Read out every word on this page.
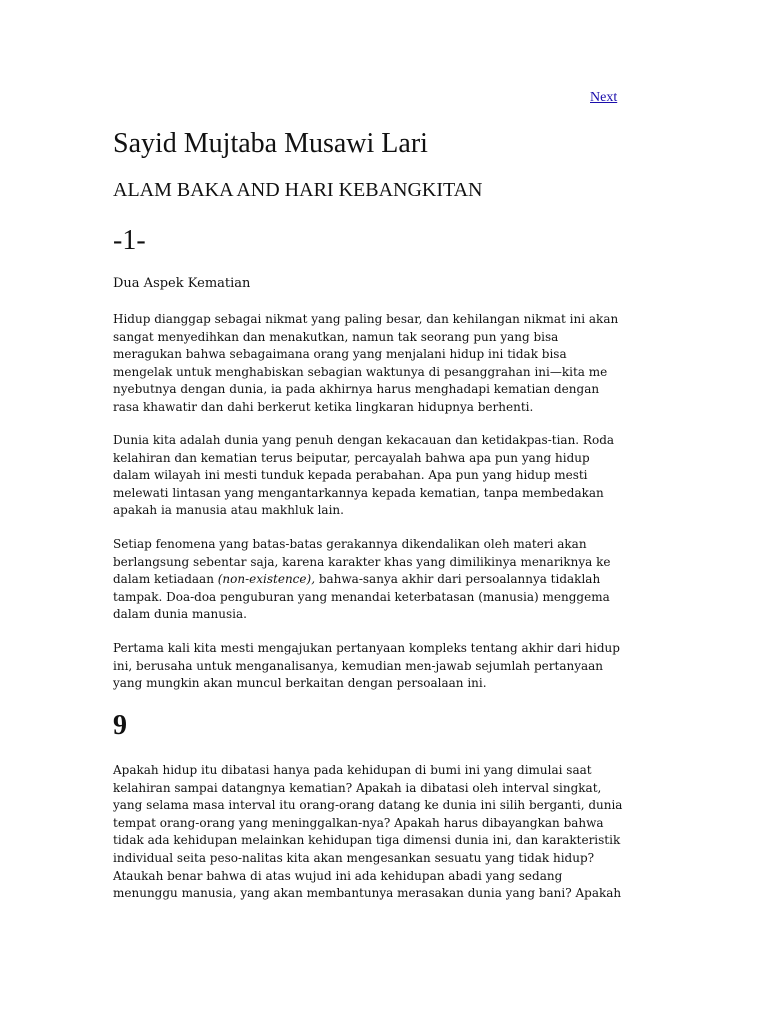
Next
Sayid Mujtaba Musawi Lari
ALAM BAKA AND HARI KEBANGKITAN
-1-
Dua Aspek Kematian

Hidup dianggap sebagai nikmat yang paling besar, dan kehilangan nikmat ini akan
sangat menyedihkan dan menakutkan, namun tak seorang pun yang bisa
meragukan bahwa sebagaimana orang yang menjalani hidup ini tidak bisa
mengelak untuk menghabiskan sebagian waktunya di pesanggrahan ini—kita me
nyebutnya dengan dunia, ia pada akhirnya harus menghadapi kematian dengan
rasa khawatir dan dahi berkerut ketika lingkaran hidupnya berhenti.

Dunia kita adalah dunia yang penuh dengan kekacauan dan ketidakpas-tian. Roda
kelahiran dan kematian terus beiputar, percayalah bahwa apa pun yang hidup
dalam wilayah ini mesti tunduk kepada perabahan. Apa pun yang hidup mesti
melewati lintasan yang mengantarkannya kepada kematian, tanpa membedakan
apakah ia manusia atau makhluk lain.

Setiap fenomena yang batas-batas gerakannya dikendalikan oleh materi akan
berlangsung sebentar saja, karena karakter khas yang dimilikinya menariknya ke
dalam ketiadaan (non-existence), bahwa-sanya akhir dari persoalannya tidaklah
tampak. Doa-doa penguburan yang menandai keterbatasan (manusia) menggema
dalam dunia manusia.

Pertama kali kita mesti mengajukan pertanyaan kompleks tentang akhir dari hidup
ini, berusaha untuk menganalisanya, kemudian men-jawab sejumlah pertanyaan
yang mungkin akan muncul berkaitan dengan persoalaan ini.

9

Apakah hidup itu dibatasi hanya pada kehidupan di bumi ini yang dimulai saat
kelahiran sampai datangnya kematian? Apakah ia dibatasi oleh interval singkat,
yang selama masa interval itu orang-orang datang ke dunia ini silih berganti, dunia
tempat orang-orang yang meninggalkan-nya? Apakah harus dibayangkan bahwa
tidak ada kehidupan melainkan kehidupan tiga dimensi dunia ini, dan karakteristik
individual seita peso-nalitas kita akan mengesankan sesuatu yang tidak hidup?
Ataukah benar bahwa di atas wujud ini ada kehidupan abadi yang sedang
menunggu manusia, yang akan membantunya merasakan dunia yang bani? Apakah
